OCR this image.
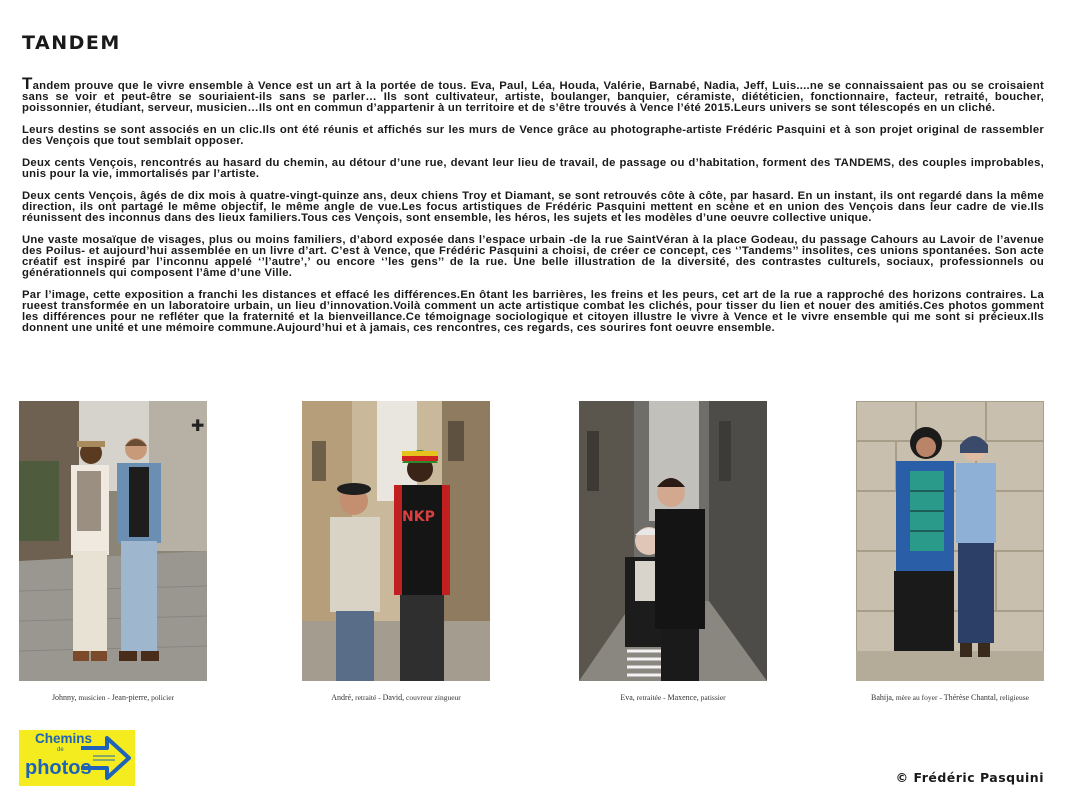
TANDEM

Tandem prouve que le vivre ensemble à Vence est un art à la portée de tous. Eva, Paul, Léa, Houda, Valérie, Barnabé, Nadia, Jeff, Luis....ne se connaissaient pas ou se croisaient sans se voir et peut-être se souriaient-ils sans se parler… Ils sont cultivateur, artiste, boulanger, banquier, céramiste, diététicien, fonctionnaire, facteur, retraité, boucher, poissonnier, étudiant, serveur, musicien…Ils ont en commun d’appartenir à un territoire et de s’être trouvés à Vence l’été 2015.Leurs univers se sont télescopés en un cliché.

Leurs destins se sont associés en un clic.Ils ont été réunis et affichés sur les murs de Vence grâce au photographe-artiste Frédéric Pasquini et à son projet original de rassembler des Vençois que tout semblait opposer.

Deux cents Vençois, rencontrés au hasard du chemin, au détour d’une rue, devant leur lieu de travail, de passage ou d’habitation, forment des TANDEMS, des couples improbables, unis pour la vie, immortalisés par l’artiste.

Deux cents Vençois, âgés de dix mois à quatre-vingt-quinze ans, deux chiens Troy et Diamant, se sont retrouvés côte à côte, par hasard. En un instant, ils ont regardé dans la même direction, ils ont partagé le même objectif, le même angle de vue.Les focus artistiques de Frédéric Pasquini mettent en scène et en union des Vençois dans leur cadre de vie.Ils réunissent des inconnus dans des lieux familiers.Tous ces Vençois, sont ensemble, les héros, les sujets et les modèles d’une oeuvre collective unique.

Une vaste mosaïque de visages, plus ou moins familiers, d’abord exposée dans l’espace urbain -de la rue SaintVéran à la place Godeau, du passage Cahours au Lavoir de l’avenue des Poilus- et aujourd’hui assemblée en un livre d’art. C’est à Vence, que Frédéric Pasquini a choisi, de créer ce concept, ces ‘’Tandems’’ insolites, ces unions spontanées. Son acte créatif est inspiré par l’inconnu appelé ‘’l’autre’,’ ou encore ‘’les gens’’ de la rue. Une belle illustration de la diversité, des contrastes culturels, sociaux, professionnels ou générationnels qui composent l’âme d’une Ville.

Par l’image, cette exposition a franchi les distances et effacé les différences.En ôtant les barrières, les freins et les peurs, cet art de la rue a rapproché des horizons contraires. La rueest transformée en un laboratoire urbain, un lieu d’innovation.Voilà comment un acte artistique combat les clichés, pour tisser du lien et nouer des amitiés.Ces photos gomment les différences pour ne refléter que la fraternité et la bienveillance.Ce témoignage sociologique et citoyen illustre le vivre à Vence et le vivre ensemble qui me sont si précieux.Ils donnent une unité et une mémoire commune.Aujourd’hui et à jamais, ces rencontres, ces regards, ces sourires font oeuvre ensemble.

✚
NKP
Johnny, musicien - Jean-pierre, policier	André, retraité - David, couvreur zingueur	Eva, retraitée - Maxence, patissier	Bahija, mère au foyer - Thérèse Chantal, religieuse
Chemins
de
photos	© Frédéric Pasquini
